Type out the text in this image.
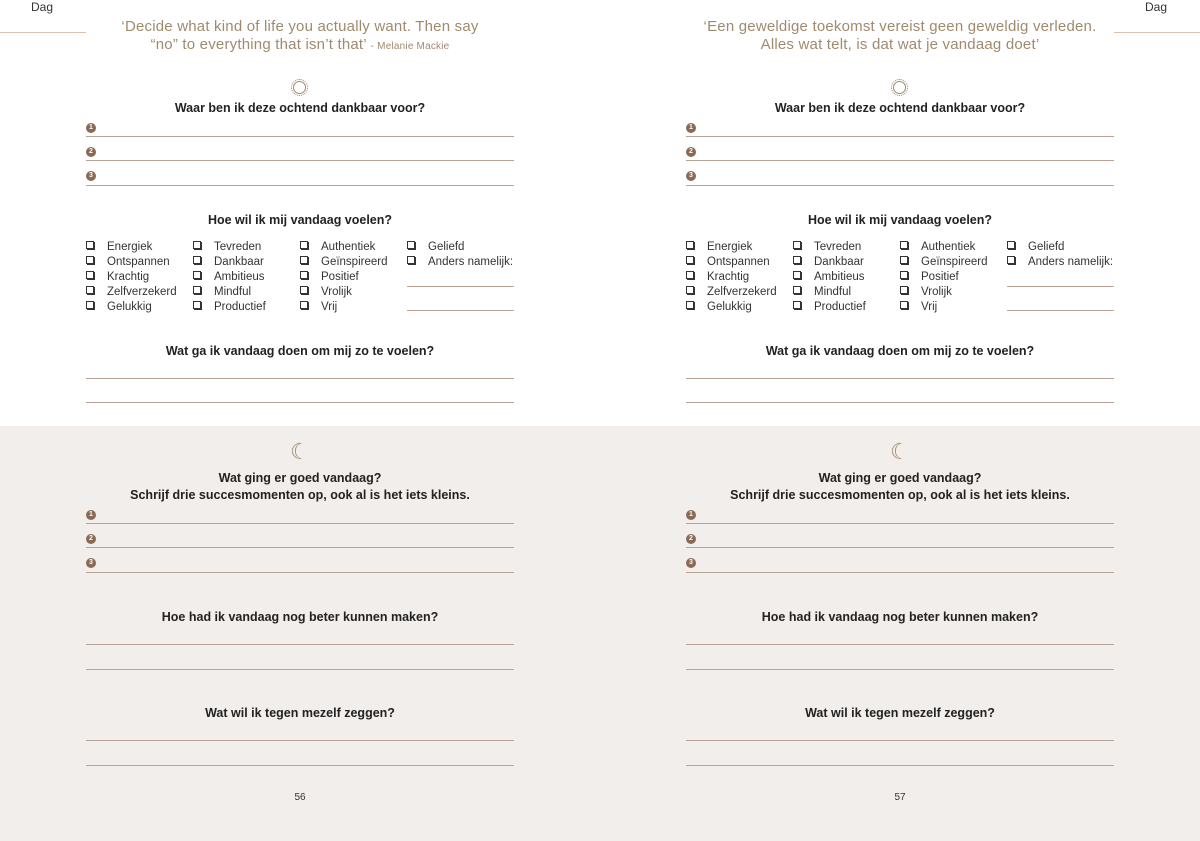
Dag
‘Decide what kind of life you actually want. Then say
“no” to everything that isn’t that’ - Melanie Mackie
Waar ben ik deze ochtend dankbaar voor?
1
2
3
Hoe wil ik mij vandaag voelen?
Energiek
Ontspannen
Krachtig
Zelfverzekerd
Gelukkig
Tevreden
Dankbaar
Ambitieus
Mindful
Productief
Authentiek
Geïnspireerd
Positief
Vrolijk
Vrij
Geliefd
Anders namelijk:
Wat ga ik vandaag doen om mij zo te voelen?
☾
Wat ging er goed vandaag?
Schrijf drie succesmomenten op, ook al is het iets kleins.
1
2
3
Hoe had ik vandaag nog beter kunnen maken?
Wat wil ik tegen mezelf zeggen?
56
Dag
‘Een geweldige toekomst vereist geen geweldig verleden.
Alles wat telt, is dat wat je vandaag doet’
Waar ben ik deze ochtend dankbaar voor?
1
2
3
Hoe wil ik mij vandaag voelen?
Energiek
Ontspannen
Krachtig
Zelfverzekerd
Gelukkig
Tevreden
Dankbaar
Ambitieus
Mindful
Productief
Authentiek
Geïnspireerd
Positief
Vrolijk
Vrij
Geliefd
Anders namelijk:
Wat ga ik vandaag doen om mij zo te voelen?
☾
Wat ging er goed vandaag?
Schrijf drie succesmomenten op, ook al is het iets kleins.
1
2
3
Hoe had ik vandaag nog beter kunnen maken?
Wat wil ik tegen mezelf zeggen?
57
